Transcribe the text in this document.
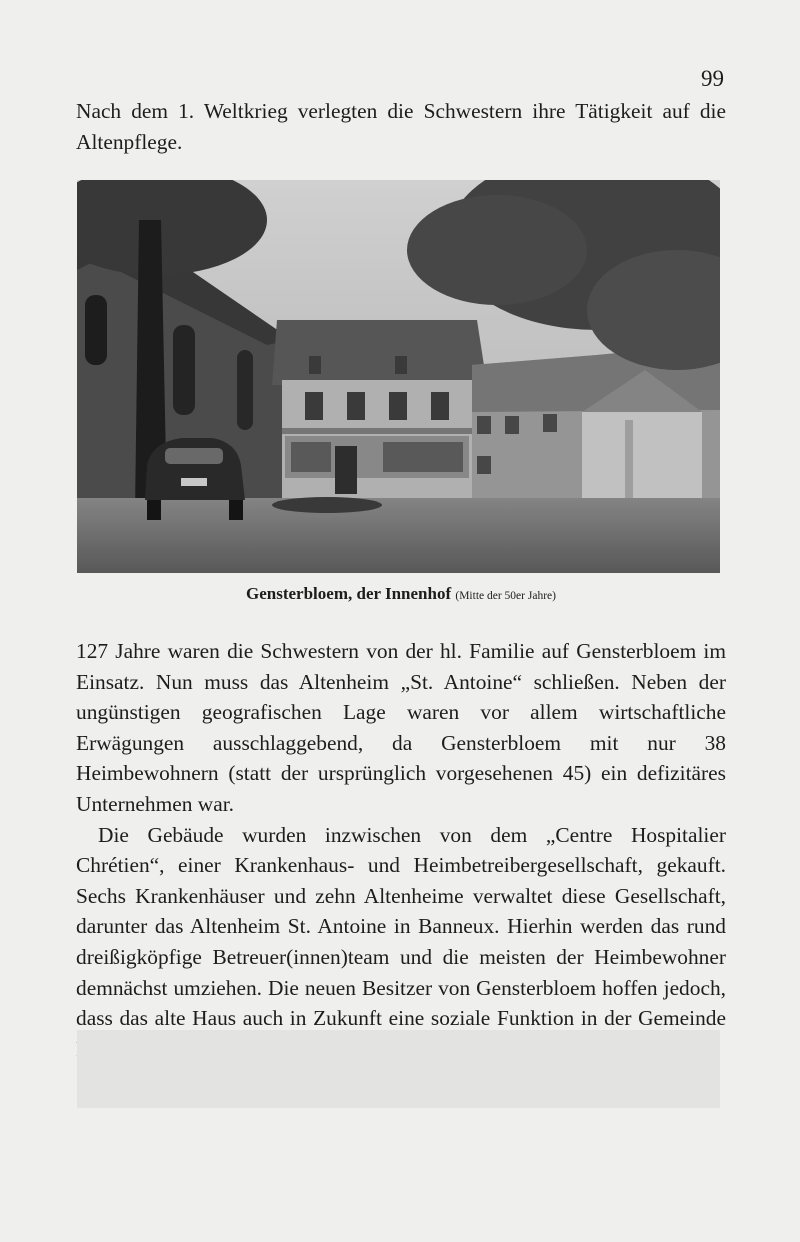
99

Nach dem 1. Weltkrieg verlegten die Schwestern ihre Tätigkeit auf die Altenpflege.

Gensterbloem, der Innenhof (Mitte der 50er Jahre)

127 Jahre waren die Schwestern von der hl. Familie auf Gensterbloem im Einsatz. Nun muss das Altenheim „St. Antoine“ schließen. Neben der ungünstigen geografischen Lage waren vor allem wirtschaftliche Erwägungen ausschlaggebend, da Gensterbloem mit nur 38 Heimbewohnern (statt der ursprünglich vorgesehenen 45) ein defizitäres Unternehmen war.

Die Gebäude wurden inzwischen von dem „Centre Hospitalier Chrétien“, einer Krankenhaus- und Heimbetreibergesellschaft, gekauft. Sechs Krankenhäuser und zehn Altenheime verwaltet diese Gesellschaft, darunter das Altenheim St. Antoine in Banneux. Hierhin werden das rund dreißigköpfige Betreuer(innen)team und die meisten der Heimbewohner demnächst umziehen. Die neuen Besitzer von Gensterbloem hoffen jedoch, dass das alte Haus auch in Zukunft eine soziale Funktion in der Gemeinde
